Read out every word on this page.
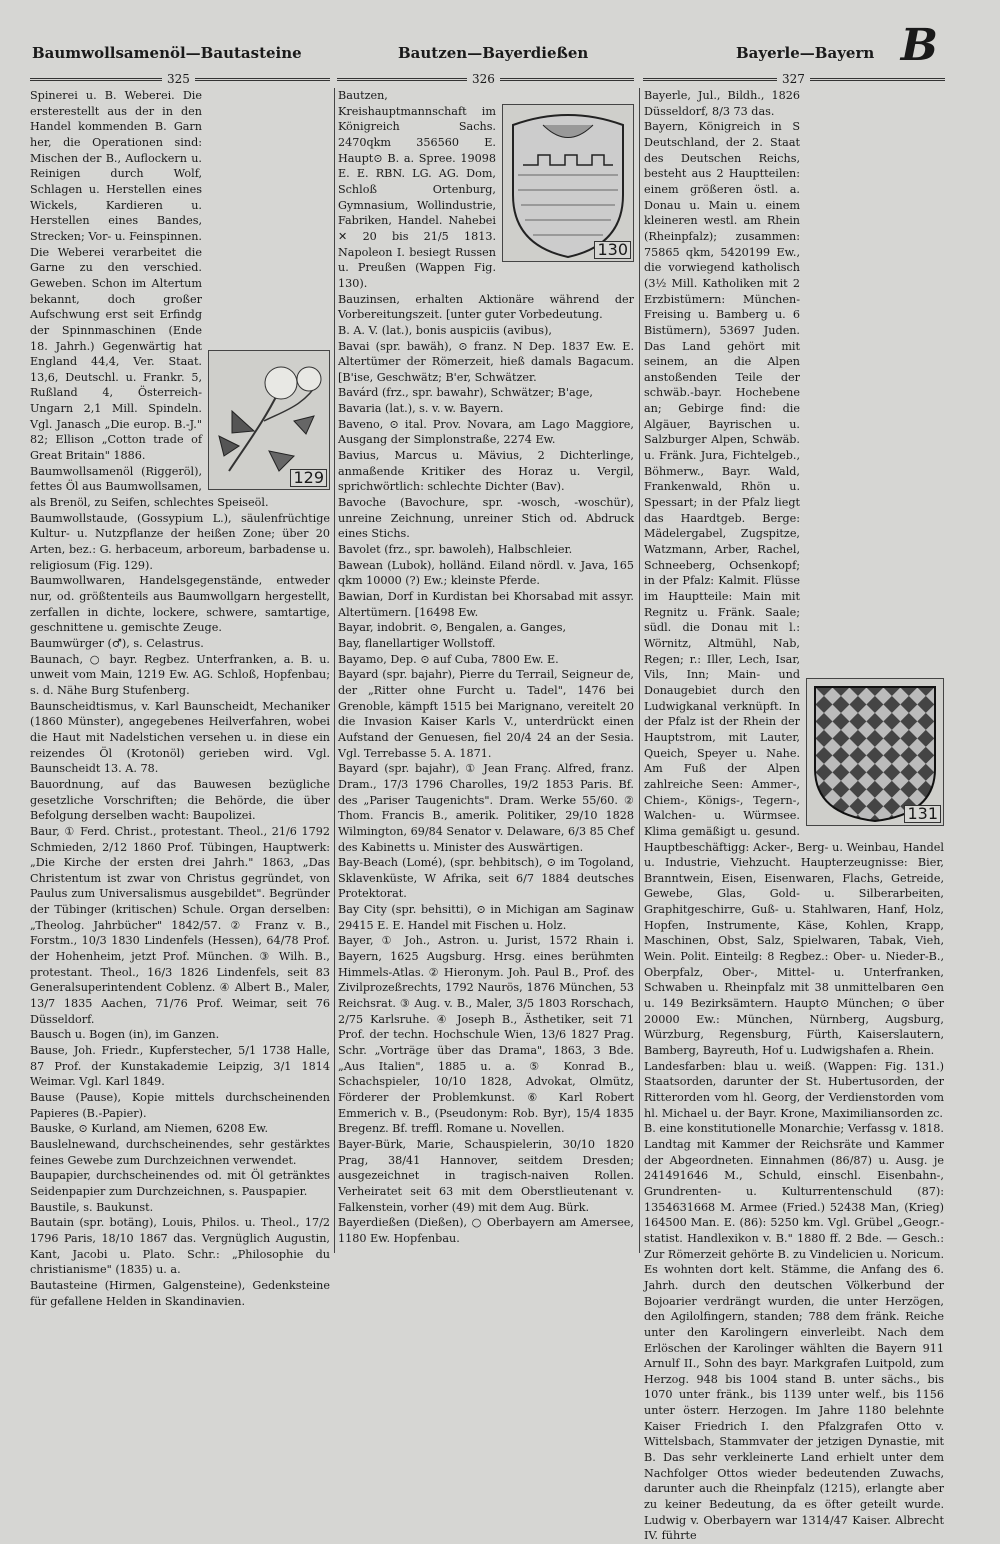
Baumwollsamenöl—Bautasteine	Bautzen—Bayerdießen	Bayerle—Bayern B
325	326	327
129

Spinerei u. B. Weberei. Die ersterestellt aus der in den Handel kommenden B. Garn her, die Operationen sind: Mischen der B., Auflockern u. Reinigen durch Wolf, Schlagen u. Herstellen eines Wickels, Kardieren u. Herstellen eines Bandes, Strecken; Vor- u. Feinspinnen. Die Weberei verarbeitet die Garne zu den verschied. Geweben. Schon im Altertum bekannt, doch großer Aufschwung erst seit Erfindg der Spinnmaschinen (Ende 18. Jahrh.) Gegenwärtig hat England 44,4, Ver. Staat. 13,6, Deutschl. u. Frankr. 5, Rußland 4, Österreich-Ungarn 2,1 Mill. Spindeln. Vgl. Janasch „Die europ. B.-J." 82; Ellison „Cotton trade of Great Britain" 1886.

Baumwollsamenöl (Riggeröl), fettes Öl aus Baumwollsamen, als Brenöl, zu Seifen, schlechtes Speiseöl.

Baumwollstaude, (Gossypium L.), säulenfrüchtige Kultur- u. Nutzpflanze der heißen Zone; über 20 Arten, bez.: G. herbaceum, arboreum, barbadense u. religiosum (Fig. 129).

Baumwollwaren, Handelsgegenstände, entweder nur, od. größtenteils aus Baumwollgarn hergestellt, zerfallen in dichte, lockere, schwere, samtartige, geschnittene u. gemischte Zeuge.

Baumwürger (♂), s. Celastrus.

Baunach, ○ bayr. Regbez. Unterfranken, a. B. u. unweit vom Main, 1219 Ew. AG. Schloß, Hopfenbau; s. d. Nähe Burg Stufenberg.

Baunscheidtismus, v. Karl Baunscheidt, Mechaniker (1860 Münster), angegebenes Heilverfahren, wobei die Haut mit Nadelstichen versehen u. in diese ein reizendes Öl (Krotonöl) gerieben wird. Vgl. Baunscheidt 13. A. 78.

Bauordnung, auf das Bauwesen bezügliche gesetzliche Vorschriften; die Behörde, die über Befolgung derselben wacht: Baupolizei.

Baur, ① Ferd. Christ., protestant. Theol., 21/6 1792 Schmieden, 2/12 1860 Prof. Tübingen, Hauptwerk: „Die Kirche der ersten drei Jahrh." 1863, „Das Christentum ist zwar von Christus gegründet, von Paulus zum Universalismus ausgebildet". Begründer der Tübinger (kritischen) Schule. Organ derselben: „Theolog. Jahrbücher" 1842/57. ② Franz v. B., Forstm., 10/3 1830 Lindenfels (Hessen), 64/78 Prof. der Hohenheim, jetzt Prof. München. ③ Wilh. B., protestant. Theol., 16/3 1826 Lindenfels, seit 83 Generalsuperintendent Coblenz. ④ Albert B., Maler, 13/7 1835 Aachen, 71/76 Prof. Weimar, seit 76 Düsseldorf.

Bausch u. Bogen (in), im Ganzen.

Bause, Joh. Friedr., Kupferstecher, 5/1 1738 Halle, 87 Prof. der Kunstakademie Leipzig, 3/1 1814 Weimar. Vgl. Karl 1849.

Bause (Pause), Kopie mittels durchscheinenden Papieres (B.-Papier).

Bauske, ⊙ Kurland, am Niemen, 6208 Ew.

Bauslelnewand, durchscheinendes, sehr gestärktes feines Gewebe zum Durchzeichnen verwendet.

Baupapier, durchscheinendes od. mit Öl getränktes Seidenpapier zum Durchzeichnen, s. Pauspapier.

Baustile, s. Baukunst.

Bautain (spr. botäng), Louis, Philos. u. Theol., 17/2 1796 Paris, 18/10 1867 das. Vergnüglich Augustin, Kant, Jacobi u. Plato. Schr.: „Philosophie du christianisme" (1835) u. a.

Bautasteine (Hirmen, Galgensteine), Gedenksteine für gefallene Helden in Skandinavien.

130

Bautzen, Kreishauptmannschaft im Königreich Sachs. 2470qkm 356560 E. Haupt⊙ B. a. Spree. 19098 E. E. RBN. LG. AG. Dom, Schloß Ortenburg, Gymnasium, Wollindustrie, Fabriken, Handel. Nahebei ✕ 20 bis 21/5 1813. Napoleon I. besiegt Russen u. Preußen (Wappen Fig. 130).

Bauzinsen, erhalten Aktionäre während der Vorbereitungszeit. [unter guter Vorbedeutung.

B. A. V. (lat.), bonis auspiciis (avibus),

Bavai (spr. bawäh), ⊙ franz. N Dep. 1837 Ew. E. Altertümer der Römerzeit, hieß damals Bagacum. [B'ise, Geschwätz; B'er, Schwätzer.

Bavárd (frz., spr. bawahr), Schwätzer; B'age,

Bavaria (lat.), s. v. w. Bayern.

Baveno, ⊙ ital. Prov. Novara, am Lago Maggiore, Ausgang der Simplonstraße, 2274 Ew.

Bavius, Marcus u. Mävius, 2 Dichterlinge, anmaßende Kritiker des Horaz u. Vergil, sprichwörtlich: schlechte Dichter (Bav).

Bavoche (Bavochure, spr. -wosch, -woschür), unreine Zeichnung, unreiner Stich od. Abdruck eines Stichs.

Bavolet (frz., spr. bawoleh), Halbschleier.

Bawean (Lubok), holländ. Eiland nördl. v. Java, 165 qkm 10000 (?) Ew.; kleinste Pferde.

Bawian, Dorf in Kurdistan bei Khorsabad mit assyr. Altertümern. [16498 Ew.

Bayar, indobrit. ⊙, Bengalen, a. Ganges,

Bay, flanellartiger Wollstoff.

Bayamo, Dep. ⊙ auf Cuba, 7800 Ew. E.

Bayard (spr. bajahr), Pierre du Terrail, Seigneur de, der „Ritter ohne Furcht u. Tadel", 1476 bei Grenoble, kämpft 1515 bei Marignano, vereitelt 20 die Invasion Kaiser Karls V., unterdrückt einen Aufstand der Genuesen, fiel 20/4 24 an der Sesia. Vgl. Terrebasse 5. A. 1871.

Bayard (spr. bajahr), ① Jean Franç. Alfred, franz. Dram., 17/3 1796 Charolles, 19/2 1853 Paris. Bf. des „Pariser Taugenichts". Dram. Werke 55/60. ② Thom. Francis B., amerik. Politiker, 29/10 1828 Wilmington, 69/84 Senator v. Delaware, 6/3 85 Chef des Kabinetts u. Minister des Auswärtigen.

Bay-Beach (Lomé), (spr. behbitsch), ⊙ im Togoland, Sklavenküste, W Afrika, seit 6/7 1884 deutsches Protektorat.

Bay City (spr. behsitti), ⊙ in Michigan am Saginaw 29415 E. E. Handel mit Fischen u. Holz.

Bayer, ① Joh., Astron. u. Jurist, 1572 Rhain i. Bayern, 1625 Augsburg. Hrsg. eines berühmten Himmels-Atlas. ② Hieronym. Joh. Paul B., Prof. des Zivilprozeßrechts, 1792 Naurös, 1876 München, 53 Reichsrat. ③ Aug. v. B., Maler, 3/5 1803 Rorschach, 2/75 Karlsruhe. ④ Joseph B., Ästhetiker, seit 71 Prof. der techn. Hochschule Wien, 13/6 1827 Prag. Schr. „Vorträge über das Drama", 1863, 3 Bde. „Aus Italien", 1885 u. a. ⑤ Konrad B., Schachspieler, 10/10 1828, Advokat, Olmütz, Förderer der Problemkunst. ⑥ Karl Robert Emmerich v. B., (Pseudonym: Rob. Byr), 15/4 1835 Bregenz. Bf. treffl. Romane u. Novellen.

Bayer-Bürk, Marie, Schauspielerin, 30/10 1820 Prag, 38/41 Hannover, seitdem Dresden; ausgezeichnet in tragisch-naiven Rollen. Verheiratet seit 63 mit dem Oberstlieutenant v. Falkenstein, vorher (49) mit dem Aug. Bürk.

Bayerdießen (Dießen), ○ Oberbayern am Amersee, 1180 Ew. Hopfenbau.

131

Bayerle, Jul., Bildh., 1826 Düsseldorf, 8/3 73 das.

Bayern, Königreich in S Deutschland, der 2. Staat des Deutschen Reichs, besteht aus 2 Hauptteilen: einem größeren östl. a. Donau u. Main u. einem kleineren westl. am Rhein (Rheinpfalz); zusammen: 75865 qkm, 5420199 Ew., die vorwiegend katholisch (3½ Mill. Katholiken mit 2 Erzbistümern: München-Freising u. Bamberg u. 6 Bistümern), 53697 Juden. Das Land gehört mit seinem, an die Alpen anstoßenden Teile der schwäb.-bayr. Hochebene an; Gebirge find: die Algäuer, Bayrischen u. Salzburger Alpen, Schwäb. u. Fränk. Jura, Fichtelgeb., Böhmerw., Bayr. Wald, Frankenwald, Rhön u. Spessart; in der Pfalz liegt das Haardtgeb. Berge: Mädelergabel, Zugspitze, Watzmann, Arber, Rachel, Schneeberg, Ochsenkopf; in der Pfalz: Kalmit. Flüsse im Hauptteile: Main mit Regnitz u. Fränk. Saale; südl. die Donau mit l.: Wörnitz, Altmühl, Nab, Regen; r.: Iller, Lech, Isar, Vils, Inn; Main- und Donaugebiet durch den Ludwigkanal verknüpft. In der Pfalz ist der Rhein der Hauptstrom, mit Lauter, Queich, Speyer u. Nahe. Am Fuß der Alpen zahlreiche Seen: Ammer-, Chiem-, Königs-, Tegern-, Walchen- u. Würmsee. Klima gemäßigt u. gesund. Hauptbeschäftigg: Acker-, Berg- u. Weinbau, Handel u. Industrie, Viehzucht. Haupterzeugnisse: Bier, Branntwein, Eisen, Eisenwaren, Flachs, Getreide, Gewebe, Glas, Gold- u. Silberarbeiten, Graphitgeschirre, Guß- u. Stahlwaren, Hanf, Holz, Hopfen, Instrumente, Käse, Kohlen, Krapp, Maschinen, Obst, Salz, Spielwaren, Tabak, Vieh, Wein. Polit. Einteilg: 8 Regbez.: Ober- u. Nieder-B., Oberpfalz, Ober-, Mittel- u. Unterfranken, Schwaben u. Rheinpfalz mit 38 unmittelbaren ⊙en u. 149 Bezirksämtern. Haupt⊙ München; ⊙ über 20000 Ew.: München, Nürnberg, Augsburg, Würzburg, Regensburg, Fürth, Kaiserslautern, Bamberg, Bayreuth, Hof u. Ludwigshafen a. Rhein.

Landesfarben: blau u. weiß. (Wappen: Fig. 131.) Staatsorden, darunter der St. Hubertusorden, der Ritterorden vom hl. Georg, der Verdienstorden vom hl. Michael u. der Bayr. Krone, Maximiliansorden zc.

B. eine konstitutionelle Monarchie; Verfassg v. 1818. Landtag mit Kammer der Reichsräte und Kammer der Abgeordneten. Einnahmen (86/87) u. Ausg. je 241491646 M., Schuld, einschl. Eisenbahn-, Grundrenten- u. Kulturrentenschuld (87): 1354631668 M. Armee (Fried.) 52438 Man, (Krieg) 164500 Man. E. (86): 5250 km. Vgl. Grübel „Geogr.-statist. Handlexikon v. B." 1880 ff. 2 Bde. — Gesch.: Zur Römerzeit gehörte B. zu Vindelicien u. Noricum. Es wohnten dort kelt. Stämme, die Anfang des 6. Jahrh. durch den deutschen Völkerbund der Bojoarier verdrängt wurden, die unter Herzögen, den Agilolfingern, standen; 788 dem fränk. Reiche unter den Karolingern einverleibt. Nach dem Erlöschen der Karolinger wählten die Bayern 911 Arnulf II., Sohn des bayr. Markgrafen Luitpold, zum Herzog. 948 bis 1004 stand B. unter sächs., bis 1070 unter fränk., bis 1139 unter welf., bis 1156 unter österr. Herzogen. Im Jahre 1180 belehnte Kaiser Friedrich I. den Pfalzgrafen Otto v. Wittelsbach, Stammvater der jetzigen Dynastie, mit B. Das sehr verkleinerte Land erhielt unter dem Nachfolger Ottos wieder bedeutenden Zuwachs, darunter auch die Rheinpfalz (1215), erlangte aber zu keiner Bedeutung, da es öfter geteilt wurde. Ludwig v. Oberbayern war 1314/47 Kaiser. Albrecht IV. führte
